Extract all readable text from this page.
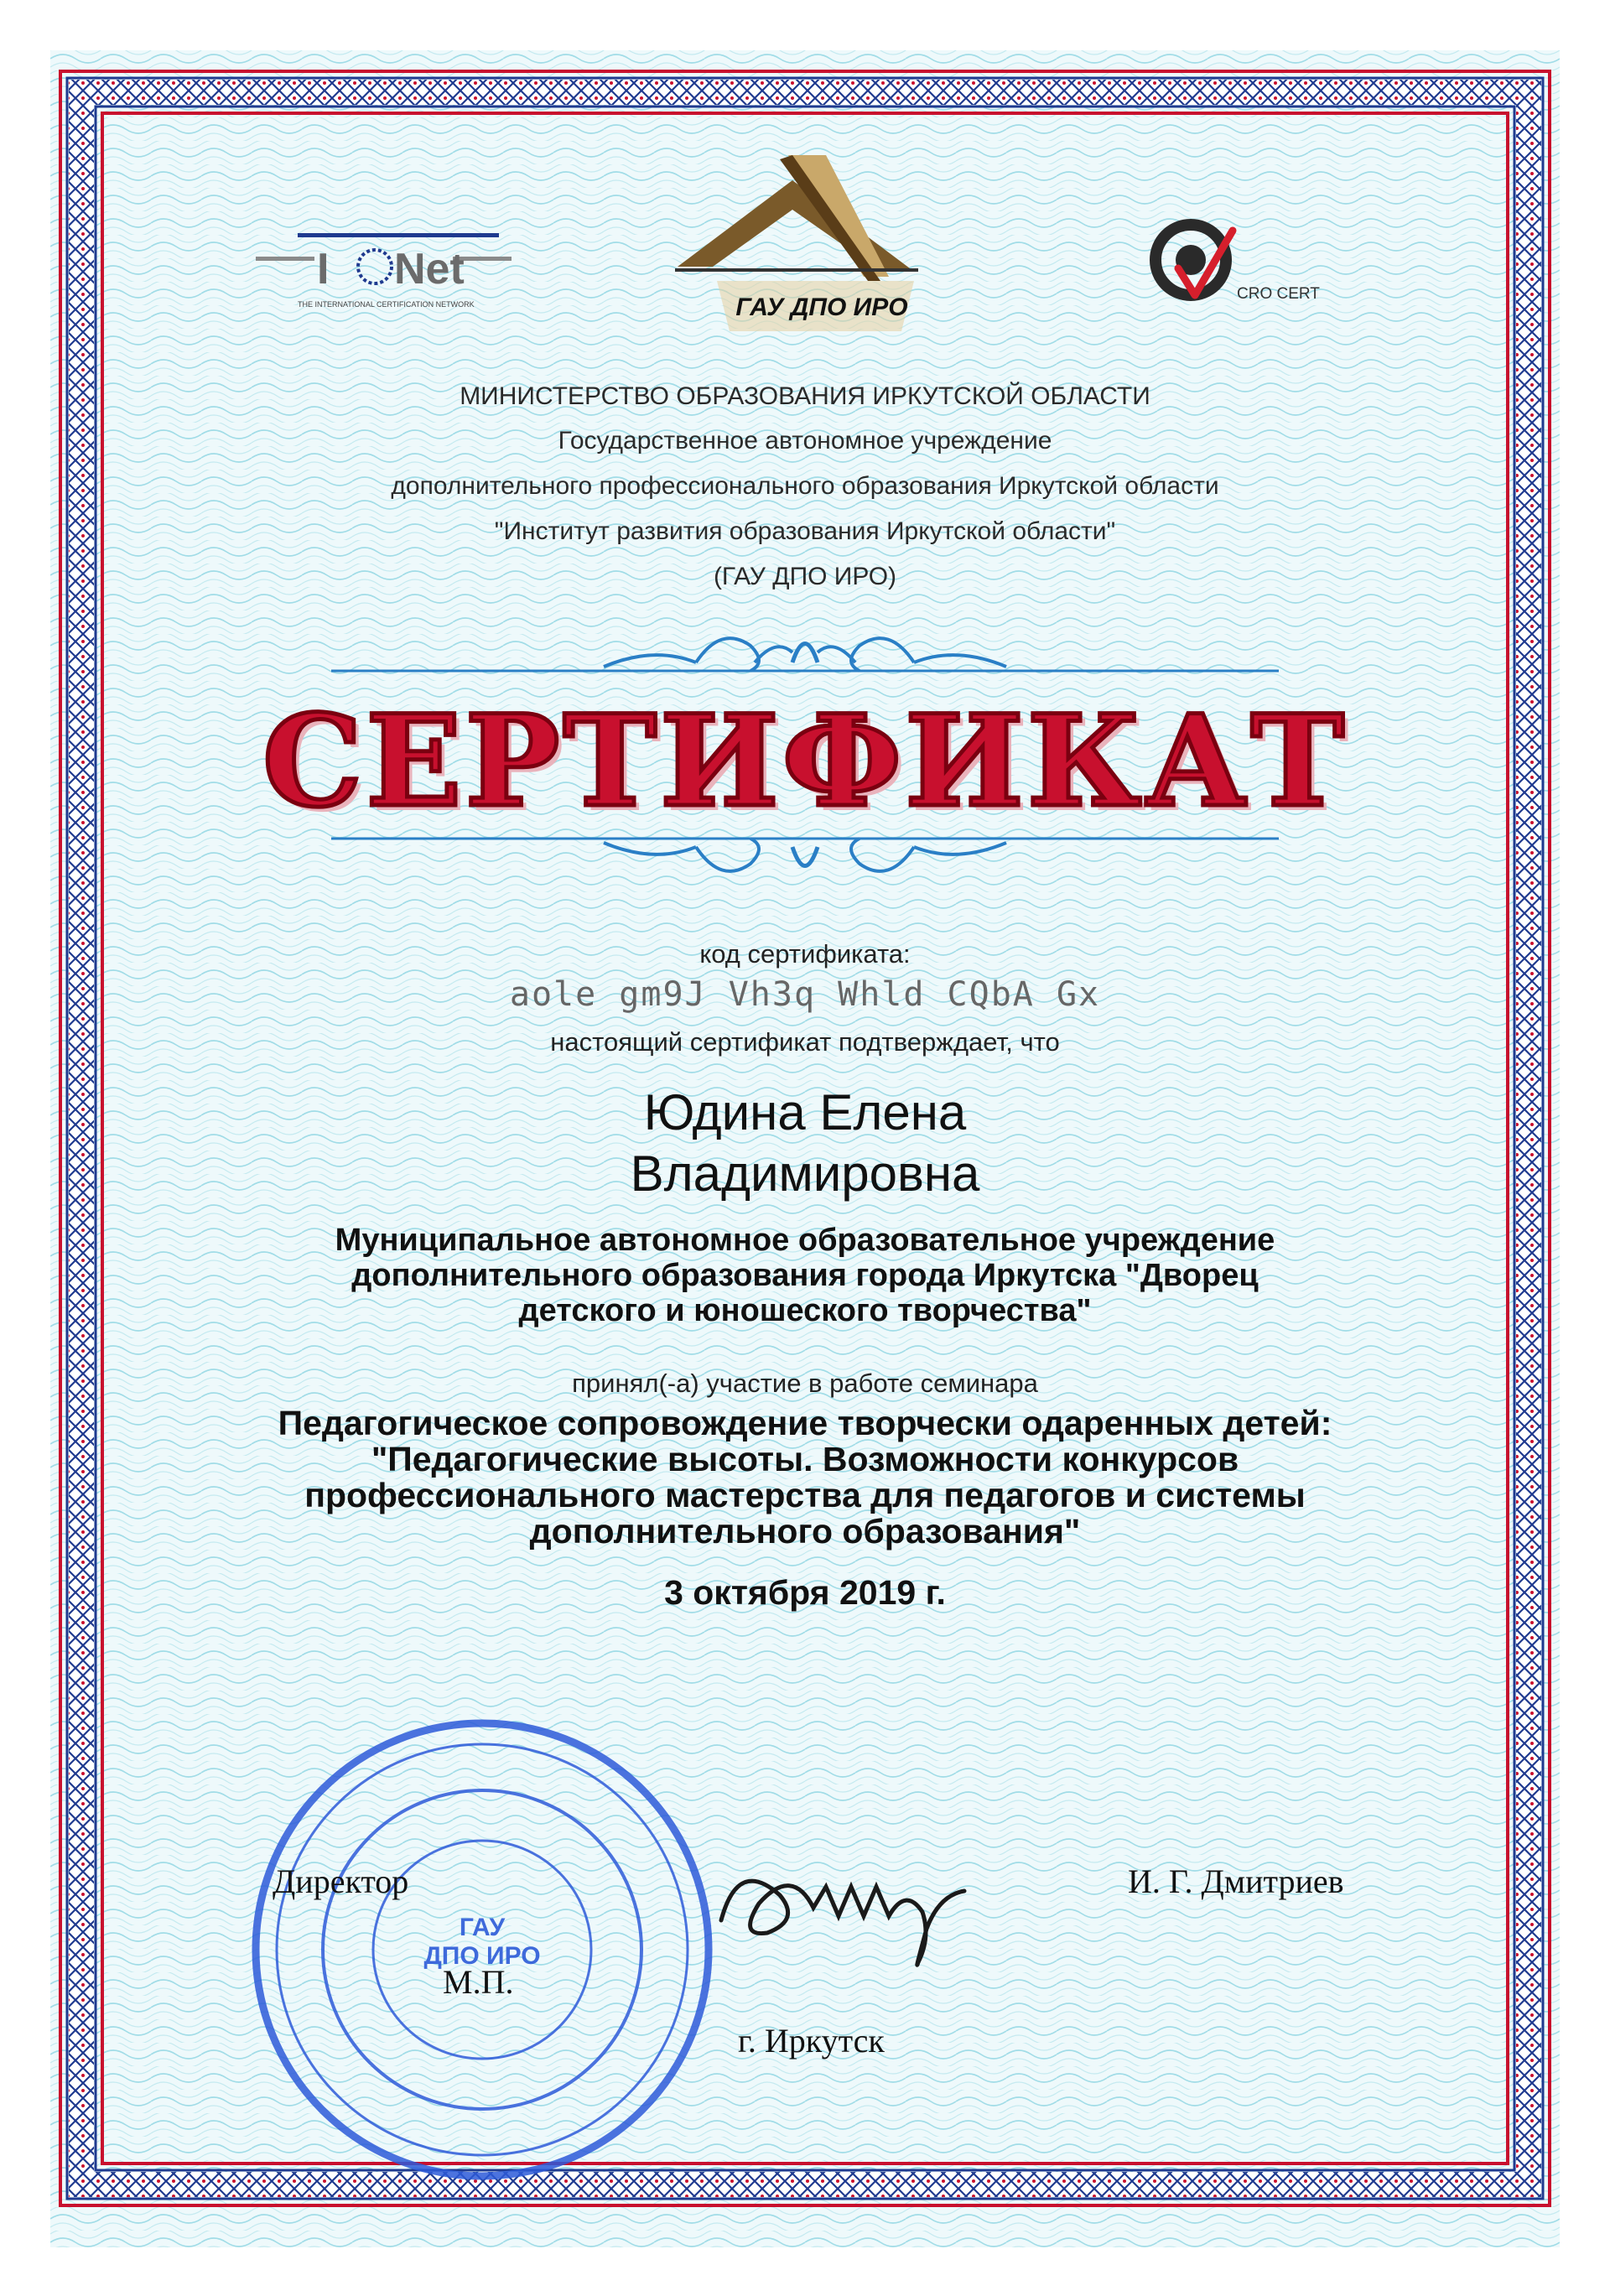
I Net
THE INTERNATIONAL CERTIFICATION NETWORK	ГАУ ДПО ИРО	CRO CERT
МИНИСТЕРСТВО ОБРАЗОВАНИЯ ИРКУТСКОЙ ОБЛАСТИ
Государственное автономное учреждение
дополнительного профессионального образования Иркутской области
"Институт развития образования Иркутской области"
(ГАУ ДПО ИРО)
СЕРТИФИКАТ
код сертификата:
aole gm9J Vh3q Whld CQbA Gx
настоящий сертификат подтверждает, что
Юдина Елена
Владимировна
Муниципальное автономное образовательное учреждение
дополнительного образования города Иркутска "Дворец
детского и юношеского творчества"
принял(-а) участие в работе семинара
Педагогическое сопровождение творчески одаренных детей:
"Педагогические высоты. Возможности конкурсов
профессионального мастерства для педагогов и системы
дополнительного образования"
3 октября 2019 г.
ГАУ
ДПО ИРО
Директор	И. Г. Дмитриев
М.П.
г. Иркутск
